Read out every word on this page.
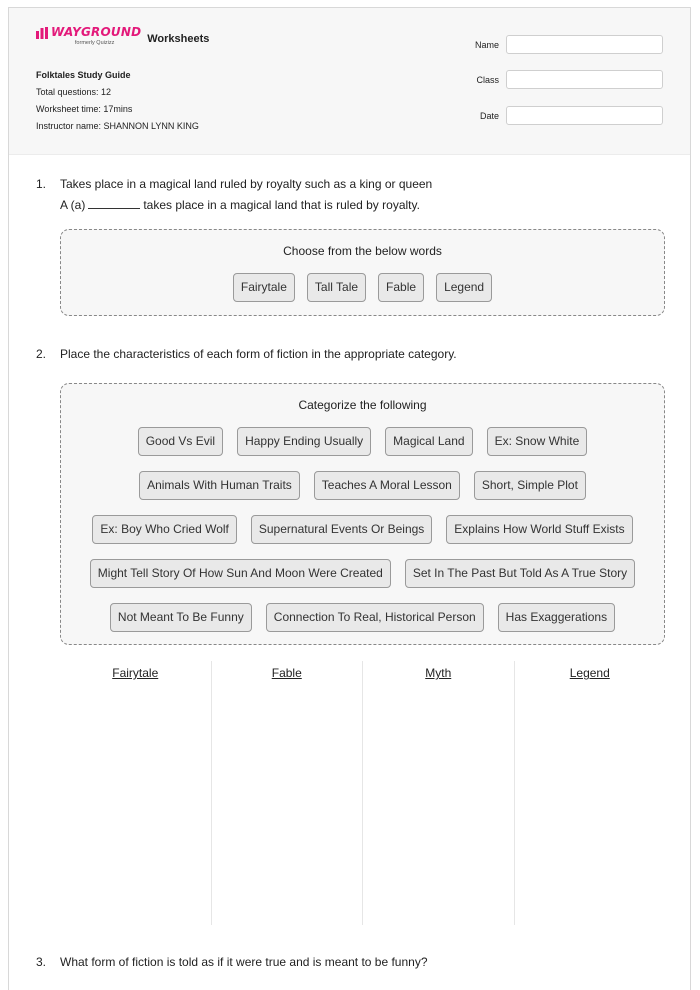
WAYGROUND
formerly Quizizz	Worksheets
Folktales Study Guide
Total questions: 12
Worksheet time: 17mins
Instructor name: SHANNON LYNN KING
Name
Class
Date
1. Takes place in a magical land ruled by royalty such as a king or queen
A (a)	takes place in a magical land that is ruled by royalty.
Choose from the below words
Fairytale	Tall Tale	Fable	Legend
2. Place the characteristics of each form of fiction in the appropriate category.
Categorize the following
Good Vs Evil	Happy Ending Usually	Magical Land	Ex: Snow White
Animals With Human Traits	Teaches A Moral Lesson	Short, Simple Plot
Ex: Boy Who Cried Wolf	Supernatural Events Or Beings	Explains How World Stuff Exists
Might Tell Story Of How Sun And Moon Were Created	Set In The Past But Told As A True Story
Not Meant To Be Funny	Connection To Real, Historical Person	Has Exaggerations
Fairytale	Fable	Myth	Legend
3. What form of fiction is told as if it were true and is meant to be funny?
